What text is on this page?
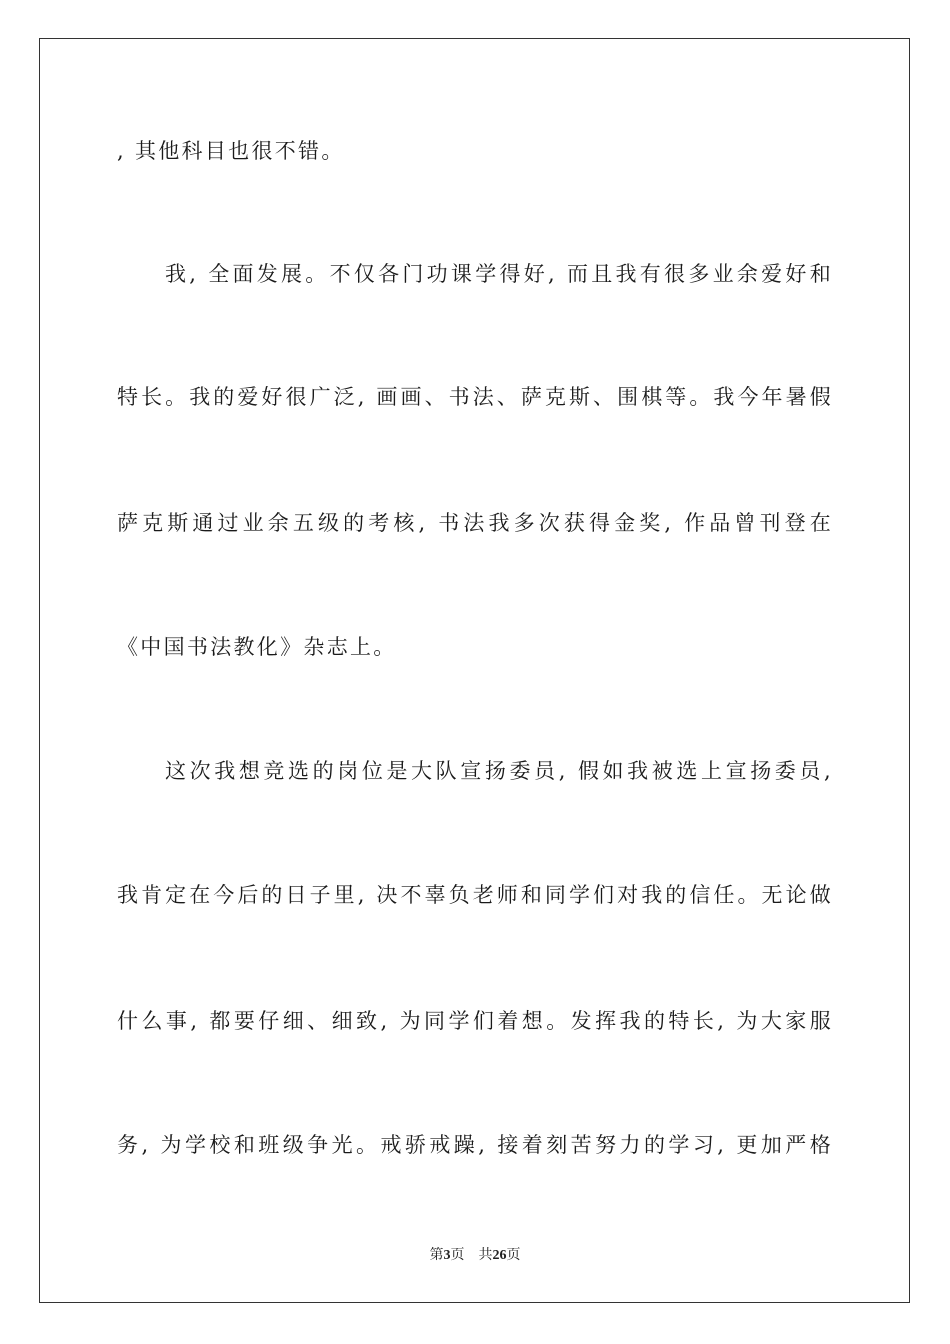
, 其他科目也很不错。
我, 全面发展。不仅各门功课学得好, 而且我有很多业余爱好和
特长。我的爱好很广泛, 画画、书法、萨克斯、围棋等。我今年暑假
萨克斯通过业余五级的考核, 书法我多次获得金奖, 作品曾刊登在
《中国书法教化》杂志上。
这次我想竞选的岗位是大队宣扬委员, 假如我被选上宣扬委员,
我肯定在今后的日子里, 决不辜负老师和同学们对我的信任。无论做
什么事, 都要仔细、细致, 为同学们着想。发挥我的特长, 为大家服
务, 为学校和班级争光。戒骄戒躁, 接着刻苦努力的学习, 更加严格
第3页 共26页
